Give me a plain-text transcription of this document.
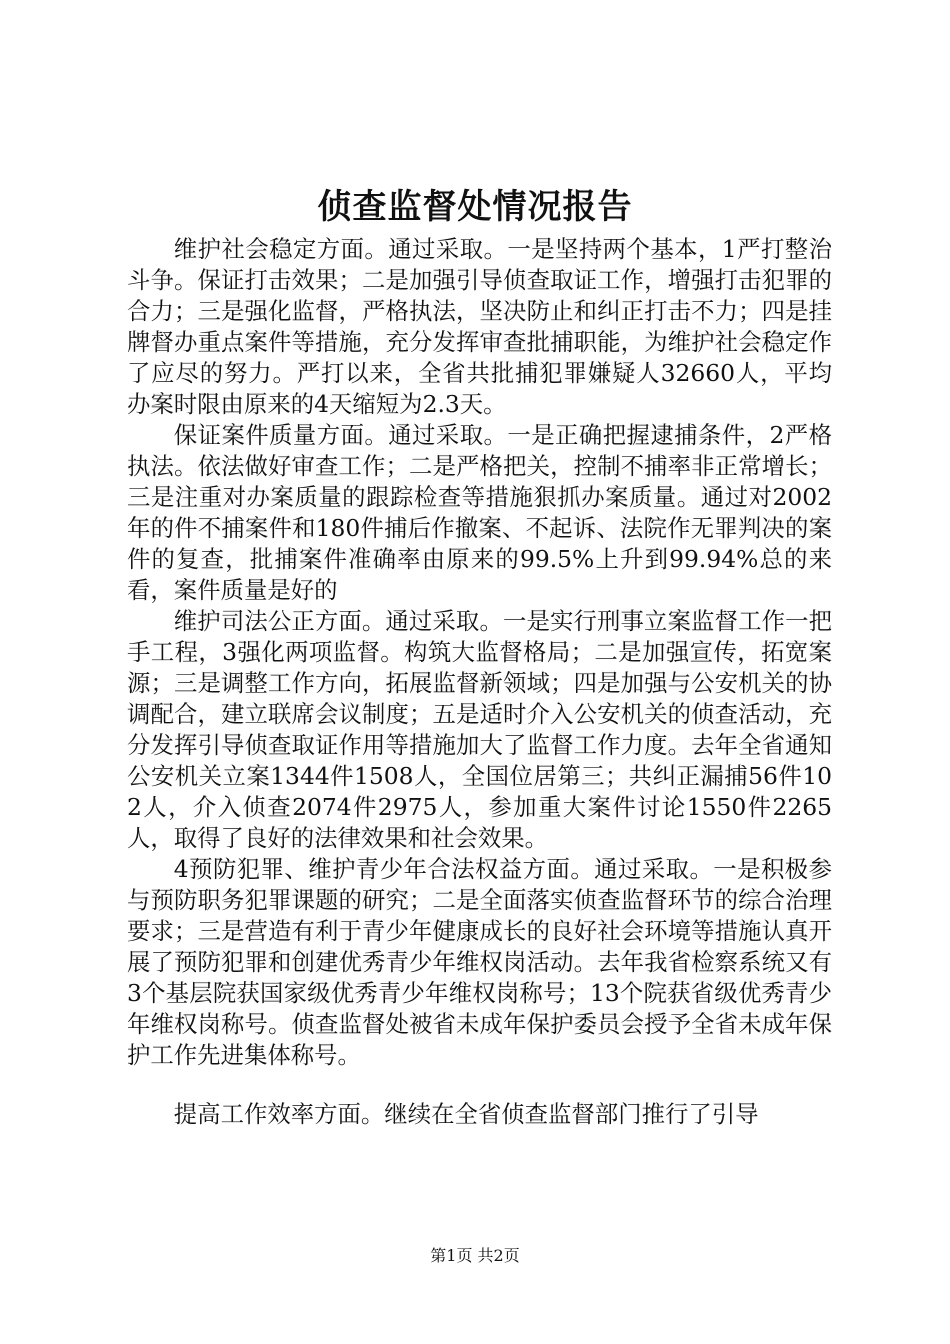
侦查监督处情况报告

维护社会稳定方面。通过采取。一是坚持两个基本，1严打整治斗争。保证打击效果；二是加强引导侦查取证工作，增强打击犯罪的合力；三是强化监督，严格执法，坚决防止和纠正打击不力；四是挂牌督办重点案件等措施，充分发挥审查批捕职能，为维护社会稳定作了应尽的努力。严打以来，全省共批捕犯罪嫌疑人32660人，平均办案时限由原来的4天缩短为2.3天。

保证案件质量方面。通过采取。一是正确把握逮捕条件，2严格执法。依法做好审查工作；二是严格把关，控制不捕率非正常增长；三是注重对办案质量的跟踪检查等措施狠抓办案质量。通过对2002年的件不捕案件和180件捕后作撤案、不起诉、法院作无罪判决的案件的复查，批捕案件准确率由原来的99.5%上升到99.94%总的来看，案件质量是好的

维护司法公正方面。通过采取。一是实行刑事立案监督工作一把手工程，3强化两项监督。构筑大监督格局；二是加强宣传，拓宽案源；三是调整工作方向，拓展监督新领域；四是加强与公安机关的协调配合，建立联席会议制度；五是适时介入公安机关的侦查活动，充分发挥引导侦查取证作用等措施加大了监督工作力度。去年全省通知公安机关立案1344件1508人，全国位居第三；共纠正漏捕56件102人，介入侦查2074件2975人，参加重大案件讨论1550件2265人，取得了良好的法律效果和社会效果。

4预防犯罪、维护青少年合法权益方面。通过采取。一是积极参与预防职务犯罪课题的研究；二是全面落实侦查监督环节的综合治理要求；三是营造有利于青少年健康成长的良好社会环境等措施认真开展了预防犯罪和创建优秀青少年维权岗活动。去年我省检察系统又有3个基层院获国家级优秀青少年维权岗称号；13个院获省级优秀青少年维权岗称号。侦查监督处被省未成年保护委员会授予全省未成年保护工作先进集体称号。

提高工作效率方面。继续在全省侦查监督部门推行了引导

第1页 共2页
